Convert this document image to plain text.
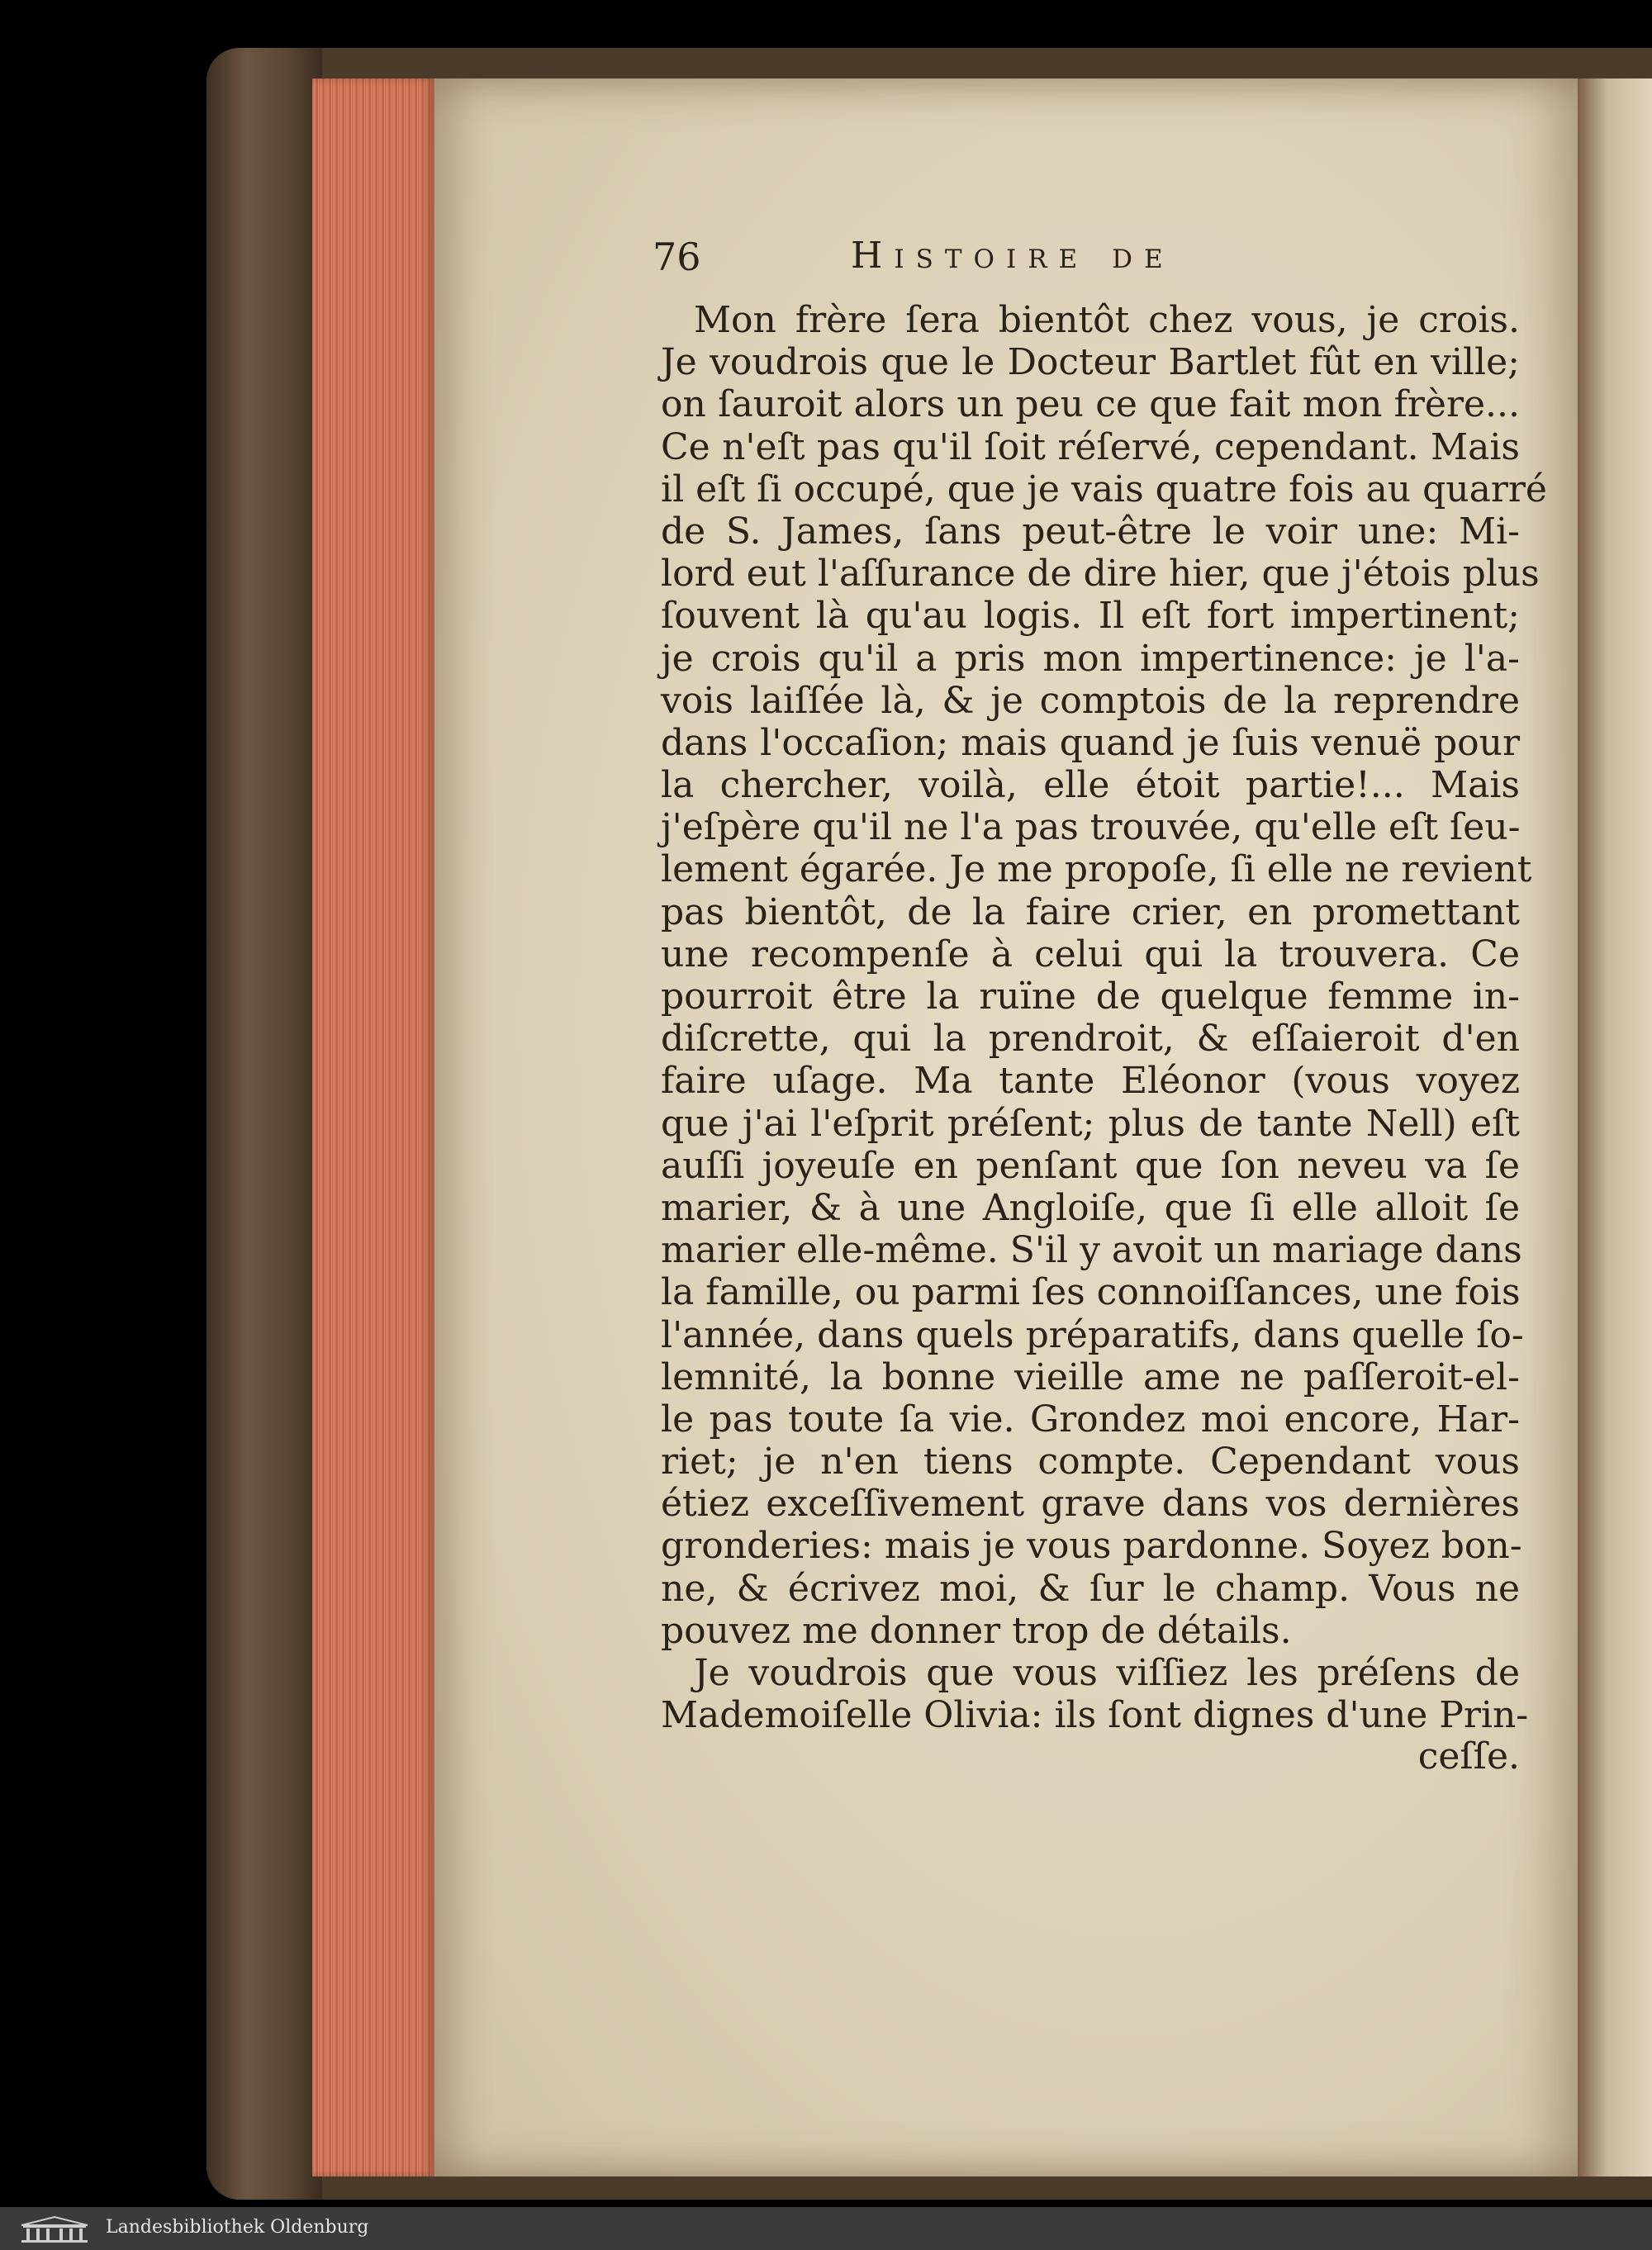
76	Histoire de
Mon frère ſera bientôt chez vous, je crois.
Je voudrois que le Docteur Bartlet fût en ville;
on ſauroit alors un peu ce que fait mon frère...
Ce n'eſt pas qu'il ſoit réſervé, cependant. Mais
il eſt ſi occupé, que je vais quatre fois au quarré
de S. James, ſans peut-être le voir une: Mi-
lord eut l'aſſurance de dire hier, que j'étois plus
ſouvent là qu'au logis. Il eſt fort impertinent;
je crois qu'il a pris mon impertinence: je l'a-
vois laiſſée là, & je comptois de la reprendre
dans l'occaſion; mais quand je ſuis venuë pour
la chercher, voilà, elle étoit partie!... Mais
j'eſpère qu'il ne l'a pas trouvée, qu'elle eſt ſeu-
lement égarée. Je me propoſe, ſi elle ne revient
pas bientôt, de la faire crier, en promettant
une recompenſe à celui qui la trouvera. Ce
pourroit être la ruïne de quelque femme in-
diſcrette, qui la prendroit, & eſſaieroit d'en
faire uſage. Ma tante Eléonor (vous voyez
que j'ai l'eſprit préſent; plus de tante Nell) eſt
auſſi joyeuſe en penſant que ſon neveu va ſe
marier, & à une Angloiſe, que ſi elle alloit ſe
marier elle-même. S'il y avoit un mariage dans
la famille, ou parmi ſes connoiſſances, une fois
l'année, dans quels préparatifs, dans quelle ſo-
lemnité, la bonne vieille ame ne paſſeroit-el-
le pas toute ſa vie. Grondez moi encore, Har-
riet; je n'en tiens compte. Cependant vous
étiez exceſſivement grave dans vos dernières
gronderies: mais je vous pardonne. Soyez bon-
ne, & écrivez moi, & ſur le champ. Vous ne
pouvez me donner trop de détails.
Je voudrois que vous viſſiez les préſens de
Mademoiſelle Olivia: ils ſont dignes d'une Prin-
ceſſe.
Landesbibliothek Oldenburg
